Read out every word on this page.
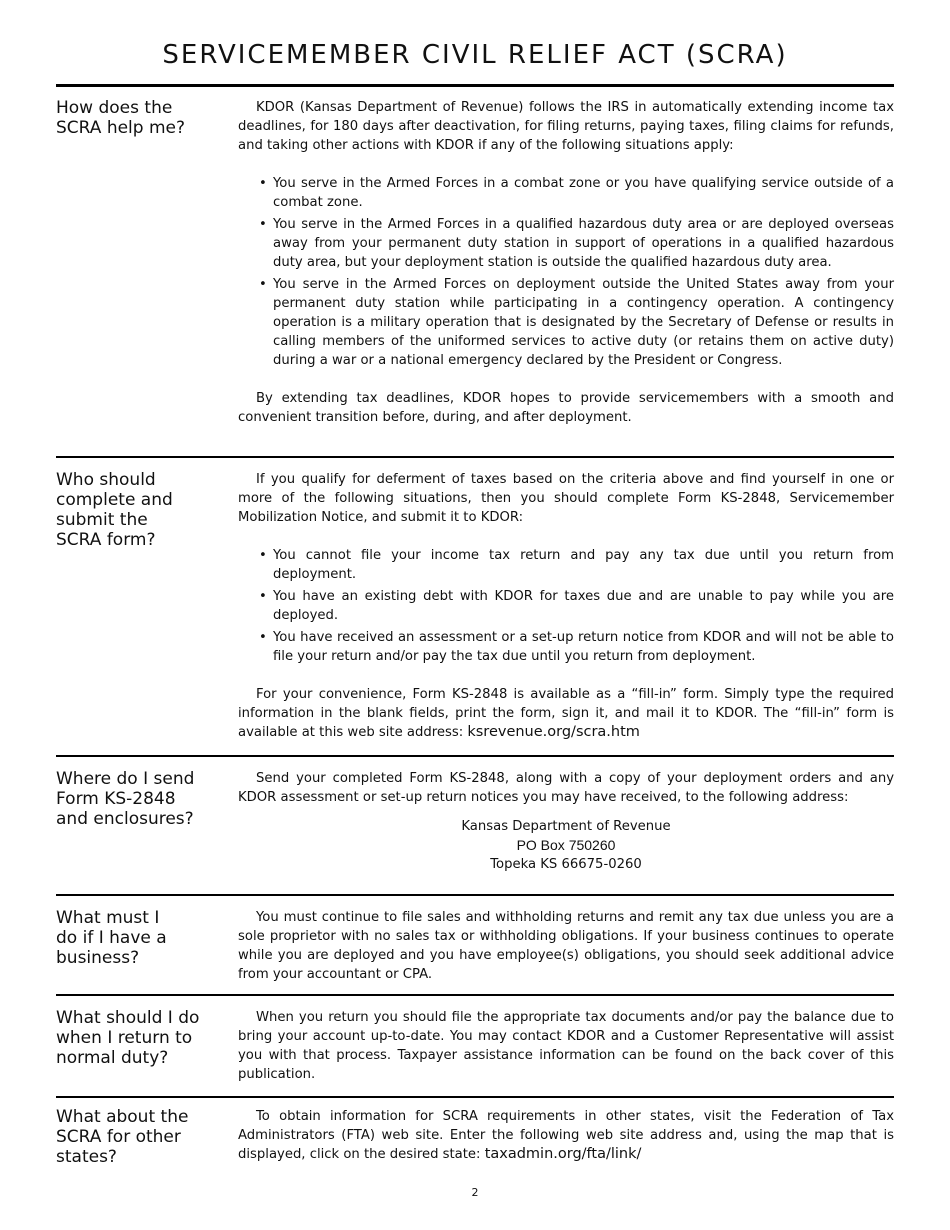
SERVICEMEMBER CIVIL RELIEF ACT (SCRA)
How does the SCRA help me?

KDOR (Kansas Department of Revenue) follows the IRS in automatically extending income tax deadlines, for 180 days after deactivation, for filing returns, paying taxes, filing claims for refunds, and taking other actions with KDOR if any of the following situations apply:

• You serve in the Armed Forces in a combat zone or you have qualifying service outside of a combat zone.
• You serve in the Armed Forces in a qualified hazardous duty area or are deployed overseas away from your permanent duty station in support of operations in a qualified hazardous duty area, but your deployment station is outside the qualified hazardous duty area.
• You serve in the Armed Forces on deployment outside the United States away from your permanent duty station while participating in a contingency operation. A contingency operation is a military operation that is designated by the Secretary of Defense or results in calling members of the uniformed services to active duty (or retains them on active duty) during a war or a national emergency declared by the President or Congress.

By extending tax deadlines, KDOR hopes to provide servicemembers with a smooth and convenient transition before, during, and after deployment.

Who should complete and submit the SCRA form?

If you qualify for deferment of taxes based on the criteria above and find yourself in one or more of the following situations, then you should complete Form KS-2848, Servicemember Mobilization Notice, and submit it to KDOR:

• You cannot file your income tax return and pay any tax due until you return from deployment.
• You have an existing debt with KDOR for taxes due and are unable to pay while you are deployed.
• You have received an assessment or a set-up return notice from KDOR and will not be able to file your return and/or pay the tax due until you return from deployment.

For your convenience, Form KS-2848 is available as a “fill-in” form. Simply type the required information in the blank fields, print the form, sign it, and mail it to KDOR. The “fill-in” form is available at this web site address: ksrevenue.org/scra.htm

Where do I send Form KS-2848 and enclosures?

Send your completed Form KS-2848, along with a copy of your deployment orders and any KDOR assessment or set-up return notices you may have received, to the following address:

Kansas Department of Revenue
PO Box 750260
Topeka KS 66675-0260
What must I do if I have a business?

You must continue to file sales and withholding returns and remit any tax due unless you are a sole proprietor with no sales tax or withholding obligations. If your business continues to operate while you are deployed and you have employee(s) obligations, you should seek additional advice from your accountant or CPA.

What should I do when I return to normal duty?

When you return you should file the appropriate tax documents and/or pay the balance due to bring your account up-to-date. You may contact KDOR and a Customer Representative will assist you with that process. Taxpayer assistance information can be found on the back cover of this publication.

What about the SCRA for other states?

To obtain information for SCRA requirements in other states, visit the Federation of Tax Administrators (FTA) web site. Enter the following web site address and, using the map that is displayed, click on the desired state: taxadmin.org/fta/link/

2
